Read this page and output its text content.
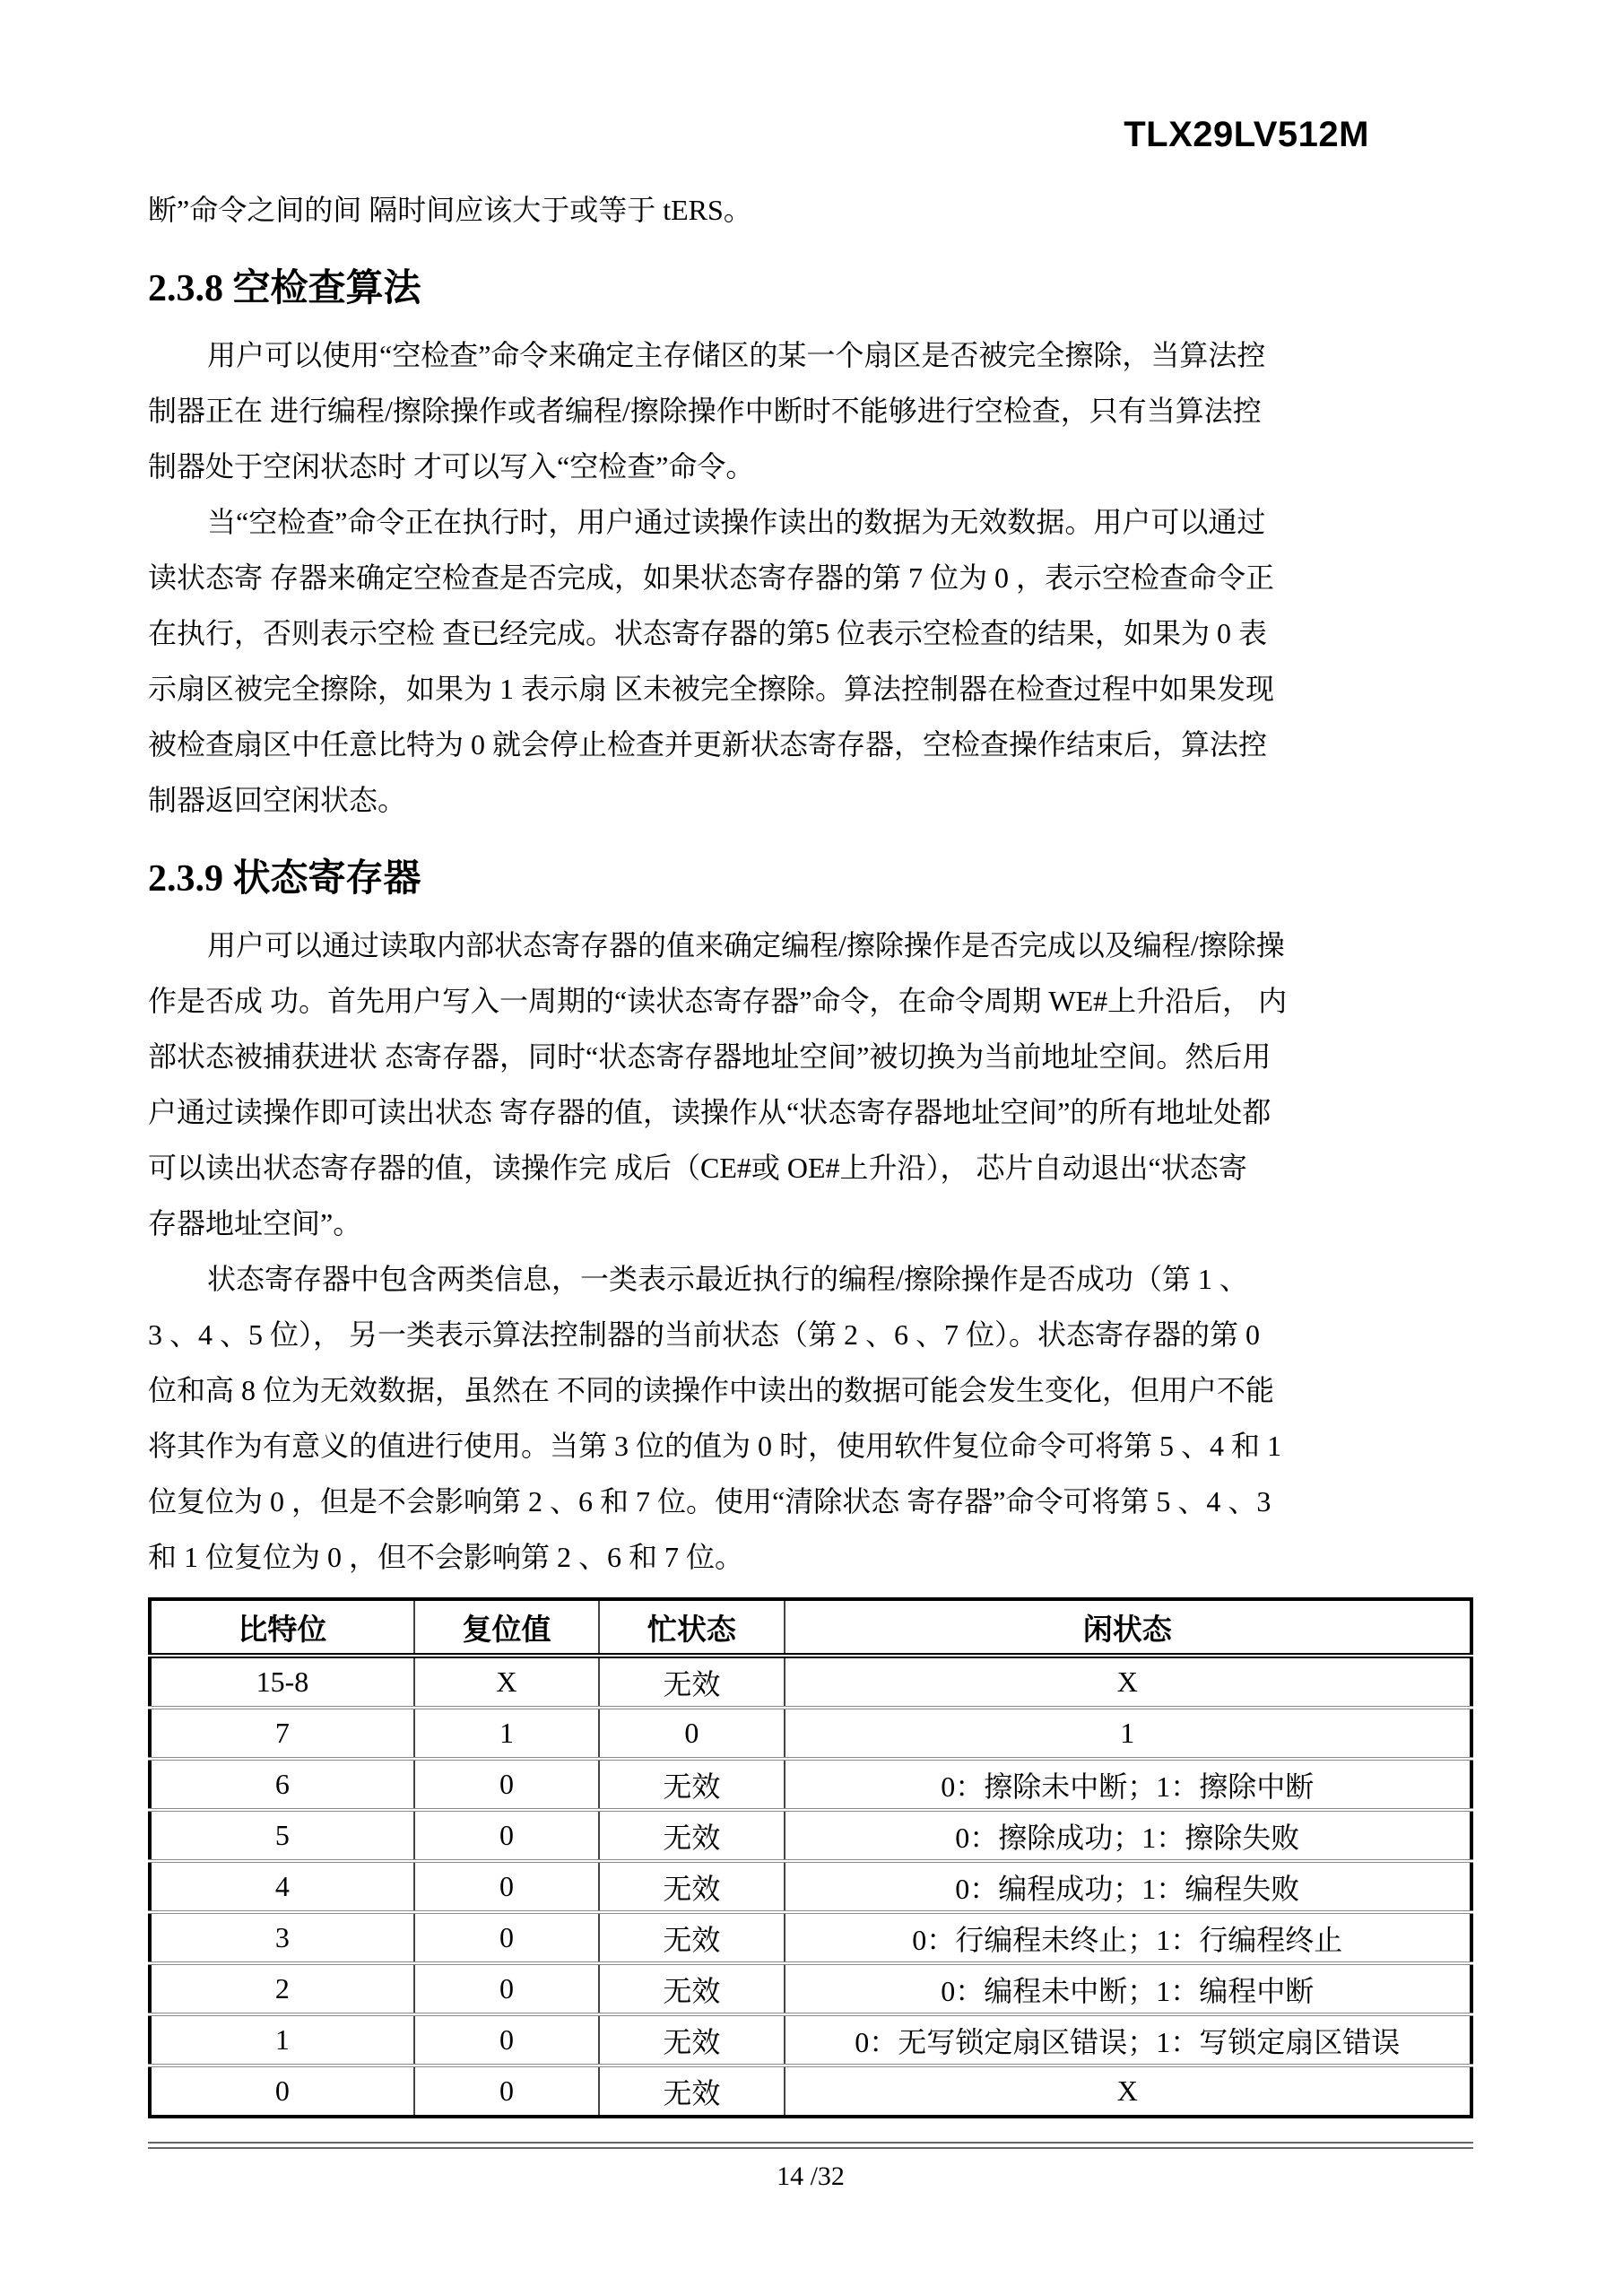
TLX29LV512M
断”命令之间的间 隔时间应该大于或等于 tERS。
2.3.8 空检查算法
用户可以使用“空检查”命令来确定主存储区的某一个扇区是否被完全擦除，当算法控
制器正在 进行编程/擦除操作或者编程/擦除操作中断时不能够进行空检查，只有当算法控
制器处于空闲状态时 才可以写入“空检查”命令。
当“空检查”命令正在执行时，用户通过读操作读出的数据为无效数据。用户可以通过
读状态寄 存器来确定空检查是否完成，如果状态寄存器的第 7 位为 0 ，表示空检查命令正
在执行，否则表示空检 查已经完成。状态寄存器的第5 位表示空检查的结果，如果为 0 表
示扇区被完全擦除，如果为 1 表示扇 区未被完全擦除。算法控制器在检查过程中如果发现
被检查扇区中任意比特为 0 就会停止检查并更新状态寄存器，空检查操作结束后，算法控
制器返回空闲状态。
2.3.9 状态寄存器
用户可以通过读取内部状态寄存器的值来确定编程/擦除操作是否完成以及编程/擦除操
作是否成 功。首先用户写入一周期的“读状态寄存器”命令，在命令周期 WE#上升沿后， 内
部状态被捕获进状 态寄存器，同时“状态寄存器地址空间”被切换为当前地址空间。然后用
户通过读操作即可读出状态 寄存器的值，读操作从“状态寄存器地址空间”的所有地址处都
可以读出状态寄存器的值，读操作完 成后（CE#或 OE#上升沿）， 芯片自动退出“状态寄
存器地址空间”。
状态寄存器中包含两类信息，一类表示最近执行的编程/擦除操作是否成功（第 1 、
3 、4 、5 位）， 另一类表示算法控制器的当前状态（第 2 、6 、7 位）。状态寄存器的第 0
位和高 8 位为无效数据，虽然在 不同的读操作中读出的数据可能会发生变化，但用户不能
将其作为有意义的值进行使用。当第 3 位的值为 0 时，使用软件复位命令可将第 5 、4 和 1
位复位为 0 ，但是不会影响第 2 、6 和 7 位。使用“清除状态 寄存器”命令可将第 5 、4 、3
和 1 位复位为 0 ，但不会影响第 2 、6 和 7 位。
比特位	复位值	忙状态	闲状态
15-8	X	无效	X
7	1	0	1
6	0	无效	0：擦除未中断；1：擦除中断
5	0	无效	0：擦除成功；1：擦除失败
4	0	无效	0：编程成功；1：编程失败
3	0	无效	0：行编程未终止；1：行编程终止
2	0	无效	0：编程未中断；1：编程中断
1	0	无效	0：无写锁定扇区错误；1：写锁定扇区错误
0	0	无效	X
14 /32
